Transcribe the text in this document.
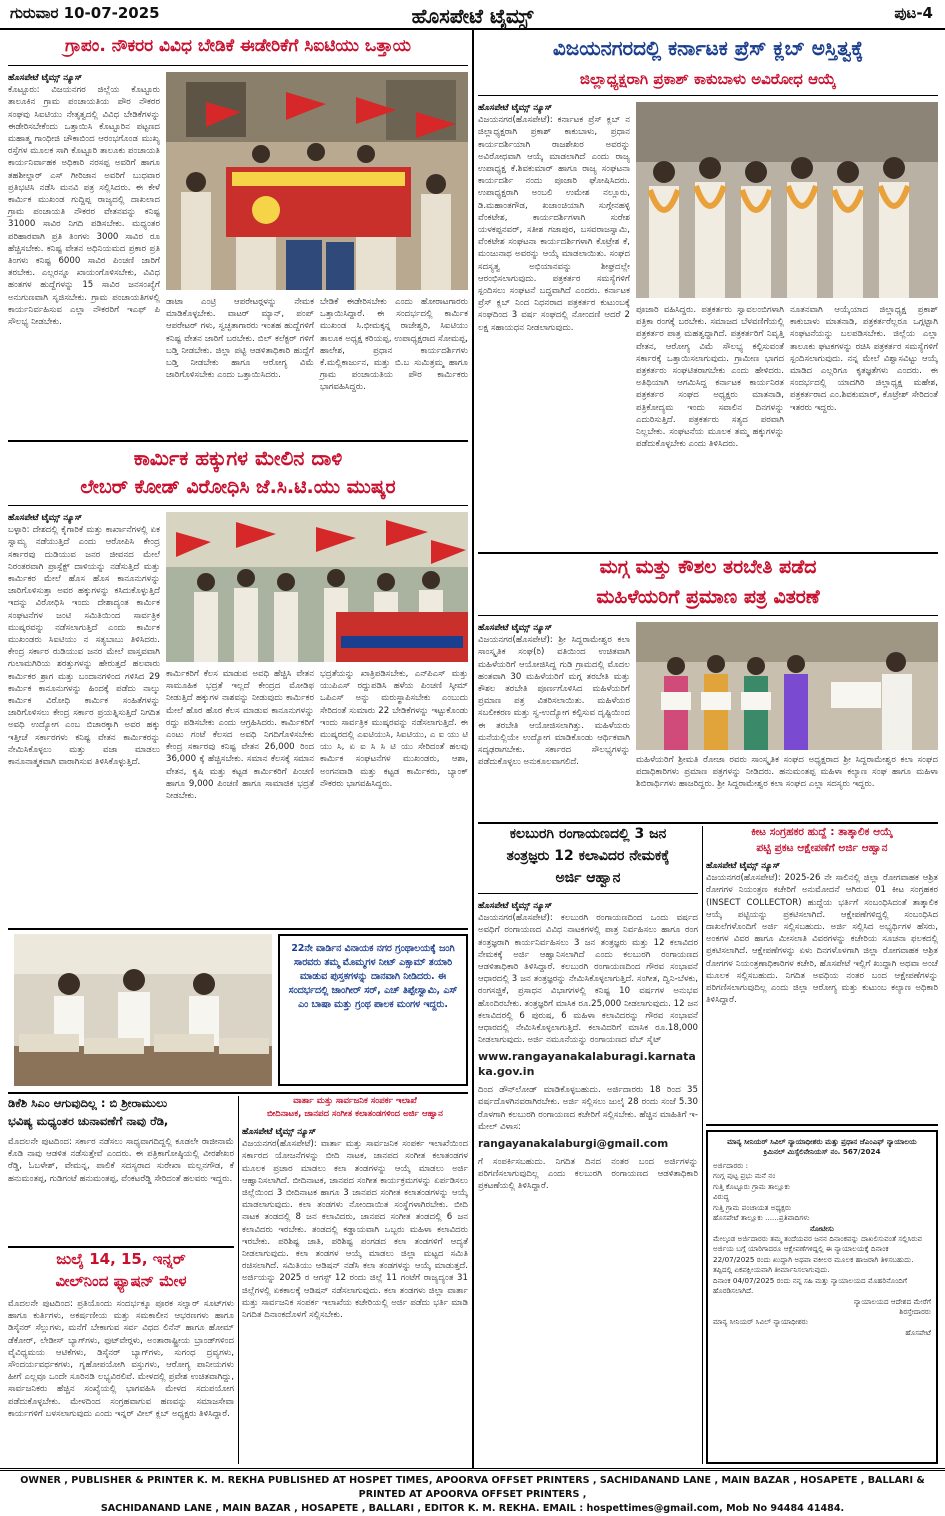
ಹೊಸಪೇಟೆ ಟೈಮ್ಸ್
ಗುರುವಾರ 10-07-2025	ಪುಟ-4
ಗ್ರಾಪಂ. ನೌಕರರ ವಿವಿಧ ಬೇಡಿಕೆ ಈಡೇರಿಕೆಗೆ ಸಿಐಟಿಯು ಒತ್ತಾಯ
ಹೊಸಪೇಟೆ ಟೈಮ್ಸ್ ನ್ಯೂಸ್
ಕೊಟ್ಟೂರು: ವಿಜಯನಗರ ಜಿಲ್ಲೆಯ ಕೊಟ್ಟೂರು ತಾಲೂಕಿನ ಗ್ರಾಮ ಪಂಚಾಯತಿಯ ಪೌರ ನೌಕರರ ಸಂಘವು ಸಿಐಟಿಯು ನೇತೃತ್ವದಲ್ಲಿ ವಿವಿಧ ಬೇಡಿಕೆಗಳನ್ನು ಈಡೇರಿಸಬೇಕೆಂದು ಒತ್ತಾಯಿಸಿ ಕೊಟ್ಟೂರಿನ ಪಟ್ಟಣದ ಮಹಾತ್ಮ ಗಾಂಧೀಜಿ ಚೌಕಾಬಿಂದ ಆರಂಭಗೊಂಡ ಮುಖ್ಯ ರಸ್ತೆಗಳ ಮೂಲಕ ಸಾಗಿ ಕೊಟ್ಟೂರಿ ತಾಲೂಕು ಪಂಚಾಯತಿ ಕಾರ್ಯನಿರ್ವಾಹಕ ಅಧಿಕಾರಿ ನರಸಪ್ಪ ಅವರಿಗೆ ಹಾಗೂ ತಹಶೀಲ್ದಾರ್ ಎಸ್ ಗೀರಿಜಾನ ಅವರಿಗೆ ಬುಧವಾರ ಪ್ರತಿಭಟಿಸಿ ನಡೆಸಿ ಮನವಿ ಪತ್ರ ಸಲ್ಲಿಸಿದರು. ಈ ಕೇಳೆ ಕಾರ್ಮಿಕ ಮುಖಂಡ ಗುದ್ದಿಪ್ಪ ರಾಜ್ಯದಲ್ಲಿ ದಾಖಲಾದ ಗ್ರಾಮ ಪಂಚಾಯತಿ ನೌಕರರ ವೇತನವನ್ನು ಕನಿಷ್ಟ 31000 ಸಾವಿರ ನಿಗದಿ ಪಡಿಸಬೇಕು. ಮಧ್ಯಂತರ ಪರಿಹಾರವಾಗಿ ಪ್ರತಿ ತಿಂಗಳು 3000 ಸಾವಿರ ರೂ ಹೆಚ್ಚಿಸಬೇಕು. ಕನಿಷ್ಟ ವೇತನ ಅಧಿನಿಯಮದ ಪ್ರಕಾರ ಪ್ರತಿ ತಿಂಗಳು ಕನಿಷ್ಟ 6000 ಸಾವಿರ ಪಿಂಚಣಿ ಜಾರಿಗೆ ತರಬೇಕು. ಎಲ್ಲರನ್ನೂ ಖಾಯಂಗೊಳಿಸಬೇಕು, ವಿವಿಧ ಹಂತಗಳ ಹುದ್ದೆಗಳನ್ನು 15 ಸಾವಿರ ಜನಸಂಖ್ಯೆಗೆ ಅನುಗುಣವಾಗಿ ಸೃಜಿಸಬೇಕು. ಗ್ರಾಮ ಪಂಚಾಯತಿಗಳಲ್ಲಿ ಕಾರ್ಯನಿರ್ವಹಿಸುವ ಎಲ್ಲಾ ನೌಕರರಿಗೆ ಇಎಫ್ ಪಿ ಸೌಲಭ್ಯ ನೀಡಬೇಕು.
ಡಾಟಾ ಎಂಟ್ರಿ ಆಪರೇಟರ್‍ಗಳನ್ನು ನೇಮಕ ಮಾಡಿಕೊಳ್ಳಬೇಕು. ವಾಟರ್ ಮ್ಯಾನ್, ಪಂಪ್ ಆಪರೇಟರ್ ಗಳು, ಸ್ವಚ್ಛತಾಗಾರರು ಇಂತಹ ಹುದ್ದೆಗಳಿಗೆ ಕನಿಷ್ಟ ವೇತನ ಜಾರಿಗೆ ಬರಬೇಕು. ಬಿಲ್ ಕಲೆಕ್ಟರ್ ಗಳಿಗೆ ಬಡ್ತಿ ನೀಡಬೇಕು. ಜಿಲ್ಲಾ ಪಟ್ಟಿ ಆಡಳಿತಾಧಿಕಾರಿ ಹುದ್ದೆಗೆ ಬಡ್ತಿ ನೀಡಬೇಕು ಹಾಗೂ ಆರೋಗ್ಯ ವಿಮೆ ಜಾರಿಗೊಳಿಸಬೇಕು ಎಂದು ಒತ್ತಾಯಿಸಿದರು.
ಬೇಡಿಕೆ ಈಡೇರಿಸಬೇಕು ಎಂದು ಹೋರಾಟಗಾರರು ಒತ್ತಾಯಿಸಿದ್ದಾರೆ. ಈ ಸಂದರ್ಭದಲ್ಲಿ ಕಾರ್ಮಿಕ ಮುಖಂಡ ಸಿ.ಭೀಮಕ್ಕನ್ನ ರಾಜೇಶ್ವರಿ, ಸಿಐಟಿಯು ತಾಲೂಕ ಅಧ್ಯಕ್ಷ ಕರಿಯಪ್ಪ, ಉಪಾಧ್ಯಕ್ಷರಾದ ಸೋಮಪ್ಪ, ಹಾಲೇಶ, ಪ್ರಧಾನ ಕಾರ್ಯದರ್ಶಿಗಳು ಕೆ.ಮಲ್ಲಿಕಾರ್ಜುನ, ಮತ್ತು ಬಿ.ಬ ಸುಮಿತ್ರಮ್ಮ ಹಾಗೂ ಗ್ರಾಮ ಪಂಚಾಯತಿಯ ಪೌರ ಕಾರ್ಮಿಕರು ಭಾಗವಹಿಸಿದ್ದರು.
ಕಾರ್ಮಿಕ ಹಕ್ಕುಗಳ ಮೇಲಿನ ದಾಳಿ
ಲೇಬರ್ ಕೋಡ್ ವಿರೋಧಿಸಿ ಜೆ.ಸಿ.ಟಿ.ಯು ಮುಷ್ಕರ
ಹೊಸಪೇಟೆ ಟೈಮ್ಸ್ ನ್ಯೂಸ್
ಬಳ್ಳಾರಿ: ದೇಶದಲ್ಲಿ ಕೈಗಾರಿಕೆ ಮತ್ತು ಕಾರ್ಖಾನೆಗಳಲ್ಲಿ ಏಕ ಸ್ವಾಮ್ಯ ನಡೆಯುತ್ತಿದೆ ಎಂದು ಆರೋಪಿಸಿ ಕೇಂದ್ರ ಸರ್ಕಾರವು ದುಡಿಯುವ ಜನರ ಜೀವನದ ಮೇಲೆ ನಿರಂತರವಾಗಿ ಪ್ರಾಸ್ಪೆಕ್ಟ್ ದಾಳಿಯನ್ನು ನಡೆಸುತ್ತಿದೆ ಮತ್ತು ಕಾರ್ಮಿಕರ ಮೇಲೆ ಹೊಸ ಹೊಸ ಕಾನೂನುಗಳನ್ನು ಜಾರಿಗೊಳಿಸುತ್ತಾ ಅವರ ಹಕ್ಕುಗಳನ್ನು ಕಸಿದುಕೊಳ್ಳುತ್ತಿದೆ ಇದನ್ನು ವಿರೋಧಿಸಿ ಇಂದು ದೇಶಾದ್ಯಂತ ಕಾರ್ಮಿಕ ಸಂಘಟನೆಗಳ ಜಂಟಿ ಸಮಿತಿಯಿಂದ ಸಾರ್ವತ್ರಿಕ ಮುಷ್ಕರವನ್ನು ನಡೆಸಲಾಗುತ್ತಿದೆ ಎಂದು ಕಾರ್ಮಿಕ ಮುಖಂಡರು ಸಿಐಟಿಯು ನ ಸತ್ಯಬಾಬು ತಿಳಿಸಿದರು. ಕೇಂದ್ರ ಸರ್ಕಾರ ರುಡಿಯುವ ಜನರ ಮೇಲೆ ವಾಸ್ತವವಾಗಿ ಗುಲಾಮಗಿರಿಯ ಶರತ್ತುಗಳನ್ನು ಹೇರುತ್ತದೆ ಹಲವಾರು ಕಾರ್ಮಿಕರ ಶ್ರಾಗ ಮತ್ತು ಬಂದಾನಗಳಿಂದ ಗಳಿಸಿದ 29 ಕಾರ್ಮಿಕ ಕಾನೂನುಗಳನ್ನು ಹಿಂದಕ್ಕೆ ಪಡೆದು ನಾಲ್ಕು ಕಾರ್ಮಿಕ ವಿರೋಧಿ ಕಾರ್ಮಿಕ ಸಂಹಿತೆಗಳನ್ನು ಜಾರಿಗೊಳಿಸಲು ಕೇಂದ್ರ ಸರ್ಕಾರ ಪ್ರಯತ್ನಿಸುತ್ತಿದೆ ನಿಗದಿತ ಅವಧಿ ಉದ್ಯೋಗ ಎಂಬ ಬಿಚಾರಕ್ಕಾಗಿ ಅವರ ಹಕ್ಕು ಇತ್ತೀಚೆ ಸರ್ಕಾರಗಳು ಕನಿಷ್ಟ ವೇತನ ಕಾರ್ಮಿಕರನ್ನು ನೇಮಿಸಿಕೊಳ್ಳಲು ಮತ್ತು ವಜಾ ಮಾಡಲು ಕಾನೂನಾತ್ಮಕವಾಗಿ ವಾರಾಗಿಸುವ ತಿಳಿಸಿಕೊಳ್ಳುತ್ತಿದೆ.
ಕಾರ್ಮಿಕರಿಗೆ ಕೆಲಸ ಮಾಡುವ ಅವಧಿ ಹೆಚ್ಚಿಸಿ ವೇತನ ಸಾಮೂಹಿಕ ಭದ್ರತೆ ಇಲ್ಲದೆ ಕೇಂದ್ರದ ಮೋಡಿಫ ನೀಡುತ್ತಿದೆ ಹಕ್ಕುಗಳ ನಾಶವನ್ನು ನೀಡುವುದು ಕಾರ್ಮಿಕರ ಮೇಲೆ ಹೊರ ಹೊರ ಕೆಲಸ ಮಾಡುವ ಕಾನೂನುಗಳನ್ನು ರದ್ದು ಪಡಿಸಬೇಕು ಎಂದು ಆಗ್ರಹಿಸಿದರು. ಕಾರ್ಮಿಕರಿಗೆ ಎಂಟು ಗಂಟೆ ಕೆಲಸದ ಅವಧಿ ನಿಗದಿಗೊಳಿಸಬೇಕು ಕೇಂದ್ರ ಸರ್ಕಾರವು ಕನಿಷ್ಟ ವೇತನ 26,000 ರಿಂದ 36,000 ಕ್ಕೆ ಹೆಚ್ಚಿಸಬೇಕು. ಸಮಾನ ಕೆಲಸಕ್ಕೆ ಸಮಾನ ವೇತನ, ಕೃಷಿ ಮತ್ತು ಕಟ್ಟಡ ಕಾರ್ಮಿಕರಿಗೆ ಪಿಂಚಣಿ ಹಾಗೂ 9,000 ಪಿಂಚಣಿ ಹಾಗೂ ಸಾಮಾಜಿಕ ಭದ್ರತೆ ನೀಡಬೇಕು.
ಭದ್ರತೆಯನ್ನು ಖಾತ್ರಿಪಡಿಸಬೇಕು, ಎನ್‍ಪಿಎಸ್ ಮತ್ತು ಯುಪಿಎಸ್ ರದ್ದುಪಡಿಸಿ ಹಳೆಯ ಪಿಂಚಣಿ ಸ್ಕೀಮ್ ಒಪಿಎಸ್ ಅನ್ನು ಮರುಸ್ಥಾಪಿಸಬೇಕು ಎಂಬುದು ಸೇರಿದಂತೆ ಸುಮಾರು 22 ಬೇಡಿಕೆಗಳನ್ನು ಇಟ್ಟುಕೊಂಡು ಇಂದು ಸಾರ್ವತ್ರಿಕ ಮುಷ್ಕರವನ್ನು ನಡೆಸಲಾಗುತ್ತಿದೆ. ಈ ಮುಷ್ಕರದಲ್ಲಿ ಎಐಟಿಯುಸಿ, ಸಿಐಟಿಯು, ಎ ಐ ಯು ಟಿ ಯು ಸಿ, ಏ ಐ ಸಿ ಸಿ ಟಿ ಯು ಸೇರಿದಂತೆ ಹಲವು ಕಾರ್ಮಿಕ ಸಂಘಟನೆಗಳ ಮುಖಂಡರು, ಆಶಾ, ಅಂಗನವಾಡಿ ಮತ್ತು ಕಟ್ಟಡ ಕಾರ್ಮಿಕರು, ಬ್ಯಾಂಕ್ ನೌಕರರು ಭಾಗವಹಿಸಿದ್ದರು.
22ನೇ ವಾರ್ಡಿನ ವಿನಾಯಕ ನಗರ ಗ್ರಂಥಾಲಯಕ್ಕೆ ಜಂಗಿ ಸಾರವರು ತಮ್ಮ ಮೊಮ್ಮಗಳ ನೀಟ್ ಎಕ್ಸಾಮ್ ತಯಾರಿ ಮಾಡುವ ಪುಸ್ತಕಗಳನ್ನು ದಾನವಾಗಿ ನೀಡಿದರು. ಈ ಸಂದರ್ಭದಲ್ಲಿ ಜಾಂಗೀರ್ ಸರ್, ಎಚ್ ತಿಪ್ಪೇಸ್ವಾಮಿ, ಎಸ್ ಎಂ ಬಾಷಾ ಮತ್ತು ಗ್ರಂಥ ಪಾಲಕ ಮಂಗಳ ಇದ್ದರು.
ಡಿಕೆಶಿ ಸಿಎಂ ಆಗುವುದಿಲ್ಲ : ಬಿ ಶ್ರೀರಾಮುಲು
ಭವಿಷ್ಯ ಮಧ್ಯಂತರ ಚುನಾವಣೆಗೆ ನಾವು ರೆಡಿ,
ಮೊದಲನೇ ಪುಟದಿಂದ: ಸರ್ಕಾರ ನಡೆಸಲು ಸಾಧ್ಯವಾಗದಿದ್ದಲ್ಲಿ ಕೂಡಲೇ ರಾಜೀನಾಮೆ ಕೊಡಿ ನಾವು ಆಡಳಿತ ನಡೆಸುತ್ತೇವೆ ಎಂದರು. ಈ ಪತ್ರಿಕಾಗೋಷ್ಠಿಯಲ್ಲಿ ವೀರಶೇಖರ ರೆಡ್ಡಿ, ಓಬಳೇಶ್, ವೇಮನ್ನ, ಪಾಲಿಕೆ ಸದಸ್ಯರಾದ ಸುರೇಖಾ ಮಲ್ಲನಗೌಡ, ಕೆ ಹನುಮಂತಪ್ಪ, ಗುಡಿಗಂಟೆ ಹನುಮಂತಪ್ಪ, ವೆಂಕಟರೆಡ್ಡಿ ಸೇರಿದಂತೆ ಹಲವರು ಇದ್ದರು.
ಜುಲೈ 14, 15, ಇನ್ನರ್
ವೀಲ್‍ನಿಂದ ಫ್ಯಾಷನ್ ಮೇಳ
ಮೊದಲನೇ ಪುಟದಿಂದ: ಪ್ರತಿಯೊಂದು ಸಂದರ್ಭಕ್ಕೂ ಪೂರಕ ಸಲ್ವಾರ್ ಸೂಟ್‍ಗಳು ಹಾಗೂ ಕುರ್ತಿಗಳು, ಅಕರ್ಷಣೀಯ ಮತ್ತು ಸಮಕಾಲೀನ ಆಭರಣಗಳು ಹಾಗೂ ಡಿಸೈನರ್ ಸೆಲ್ಲುಗಳು, ಮನೆಗೆ ಬೇಕಾಗುವ ಸರ್ವ ವಿಧದ ಲಿನೆನ್ ಹಾಗೂ ಹೋಮ್ ಡೆಕೋರ್, ಲೇಡೀಸ್ ಬ್ಯಾಗ್‍ಗಳು, ಫುಟ್‍ವೇರ್‍ಗಳು, ಅಂತಾರಾಷ್ಟ್ರೀಯ ಬ್ರಾಂಡ್‍ಗಳಿಂದ ವೈವಿಧ್ಯಮಯ ಆಟಿಕೆಗಳು, ಡಿಸೈನರ್ ಬ್ಯಾಗ್‍ಗಳು, ಸುಗಂಧ ದ್ರವ್ಯಗಳು, ಸೌಂದರ್ಯವರ್ಧಕಗಳು, ಗೃಹೋಪಯೋಗಿ ವಸ್ತುಗಳು, ಆರೋಗ್ಯ ಪಾನೀಯಗಳು ಹೀಗೆ ಎಲ್ಲವೂ ಒಂದೇ ಸೂರಿನಡಿ ಲಭ್ಯವಿರಲಿವೆ. ಮೇಳದಲ್ಲಿ ಪ್ರವೇಶ ಉಚಿತವಾಗಿದ್ದು, ಸಾರ್ವಜನಿಕರು ಹೆಚ್ಚಿನ ಸಂಖ್ಯೆಯಲ್ಲಿ ಭಾಗವಹಿಸಿ ಮೇಳದ ಸದುಪಯೋಗ ಪಡೆದುಕೊಳ್ಳಬೇಕು. ಮೇಳದಿಂದ ಸಂಗ್ರಹವಾಗುವ ಹಣವನ್ನು ಸಮಾಜಸೇವಾ ಕಾರ್ಯಗಳಿಗೆ ಬಳಸಲಾಗುವುದು ಎಂದು ಇನ್ನರ್ ವೀಲ್ ಕ್ಲಬ್ ಅಧ್ಯಕ್ಷರು ತಿಳಿಸಿದ್ದಾರೆ.
ವಾರ್ತಾ ಮತ್ತು ಸಾರ್ವಜನಿಕ ಸಂಪರ್ಕ ಇಲಾಖೆ
ಬೀದಿನಾಟಕ, ಜಾನಪದ ಸಂಗೀತ ಕಲಾತಂಡಗಳಿಂದ ಅರ್ಜಿ ಆಹ್ವಾನ
ಹೊಸಪೇಟೆ ಟೈಮ್ಸ್ ನ್ಯೂಸ್
ವಿಜಯನಗರ(ಹೊಸಪೇಟೆ): ವಾರ್ತಾ ಮತ್ತು ಸಾರ್ವಜನಿಕ ಸಂಪರ್ಕ ಇಲಾಖೆಯಿಂದ ಸರ್ಕಾರದ ಯೋಜನೆಗಳನ್ನು ಬೀದಿ ನಾಟಕ, ಜಾನಪದ ಸಂಗೀತ ಕಲಾತಂಡಗಳ ಮೂಲಕ ಪ್ರಚಾರ ಮಾಡಲು ಕಲಾ ತಂಡಗಳನ್ನು ಆಯ್ಕೆ ಮಾಡಲು ಅರ್ಜಿ ಆಹ್ವಾನಿಸಲಾಗಿದೆ. ಬೀದಿನಾಟಕ, ಜಾನಪದ ಸಂಗೀತ ಕಾರ್ಯಕ್ರಮಗಳನ್ನು ಏರ್ಪಡಿಸಲು ಜಿಲ್ಲೆಯಿಂದ 3 ಬೀದಿನಾಟಕ ಹಾಗೂ 3 ಜಾನಪದ ಸಂಗೀತ ಕಲಾತಂಡಗಳನ್ನು ಆಯ್ಕೆ ಮಾಡಲಾಗುವುದು. ಕಲಾ ತಂಡಗಳು ನೋಂದಾಯಿತ ಸಂಸ್ಥೆಗಳಾಗಿರಬೇಕು. ಬೀದಿ ನಾಟಕ ತಂಡದಲ್ಲಿ 8 ಜನ ಕಲಾವಿದರು, ಜಾನಪದ ಸಂಗೀತ ತಂಡದಲ್ಲಿ 6 ಜನ ಕಲಾವಿದರು ಇರಬೇಕು. ತಂಡದಲ್ಲಿ ಕಡ್ಡಾಯವಾಗಿ ಒಬ್ಬರು ಮಹಿಳಾ ಕಲಾವಿದರು ಇರಬೇಕು. ಪರಿಶಿಷ್ಟ ಜಾತಿ, ಪರಿಶಿಷ್ಟ ಪಂಗಡದ ಕಲಾ ತಂಡಗಳಿಗೆ ಆದ್ಯತೆ ನೀಡಲಾಗುವುದು. ಕಲಾ ತಂಡಗಳ ಆಯ್ಕೆ ಮಾಡಲು ಜಿಲ್ಲಾ ಮಟ್ಟದ ಸಮಿತಿ ರಚಿಸಲಾಗಿದೆ. ಸಮಿತಿಯು ಆಡಿಷನ್ ನಡೆಸಿ ಕಲಾ ತಂಡಗಳನ್ನು ಆಯ್ಕೆ ಮಾಡುತ್ತದೆ. ಅರ್ಜಿಯನ್ನು 2025 ರ ಆಗಸ್ಟ್ 12 ರಂದು ಜಿಲ್ಲೆ 11 ಗಂಟೆಗೆ ರಾಜ್ಯದ್ಯಂತ 31 ಜಿಲ್ಲೆಗಳಲ್ಲಿ ಏಕಕಾಲಕ್ಕೆ ಆಡಿಷನ್ ನಡೆಸಲಾಗುವುದು. ಕಲಾ ತಂಡಗಳು ಜಿಲ್ಲಾ ವಾರ್ತಾ ಮತ್ತು ಸಾರ್ವಜನಿಕ ಸಂಪರ್ಕ ಇಲಾಖೆಯ ಕಚೇರಿಯಲ್ಲಿ ಅರ್ಜಿ ಪಡೆದು ಭರ್ತಿ ಮಾಡಿ ನಿಗದಿತ ದಿನಾಂಕದೊಳಗೆ ಸಲ್ಲಿಸಬೇಕು.
ವಿಜಯನಗರದಲ್ಲಿ ಕರ್ನಾಟಕ ಪ್ರೆಸ್ ಕ್ಲಬ್ ಅಸ್ತಿತ್ವಕ್ಕೆ
ಜಿಲ್ಲಾಧ್ಯಕ್ಷರಾಗಿ ಪ್ರಕಾಶ್ ಕಾಕುಬಾಳು ಅವಿರೋಧ ಆಯ್ಕೆ
ಹೊಸಪೇಟೆ ಟೈಮ್ಸ್ ನ್ಯೂಸ್
ವಿಜಯನಗರ(ಹೊಸಪೇಟೆ): ಕರ್ನಾಟಕ ಪ್ರೆಸ್ ಕ್ಲಬ್ ನ ಜಿಲ್ಲಾಧ್ಯಕ್ಷರಾಗಿ ಪ್ರಕಾಶ್ ಕಾಕುಬಾಳು, ಪ್ರಧಾನ ಕಾರ್ಯದರ್ಶಿಯಾಗಿ ರಾಜಶೇಖರ ಅವರನ್ನು ಅವಿರೋಧವಾಗಿ ಆಯ್ಕೆ ಮಾಡಲಾಗಿದೆ ಎಂದು ರಾಜ್ಯ ಉಪಾಧ್ಯಕ್ಷ ಕೆ.ಶಿವಕುಮಾರ್ ಹಾಗೂ ರಾಜ್ಯ ಸಂಘಟನಾ ಕಾರ್ಯದರ್ಶಿ ನಂದು ಪೂಜಾರಿ ಘೋಷಿಸಿದರು. ಉಪಾಧ್ಯಕ್ಷರಾಗಿ ಅಂಬಲಿ ಉಮೇಶ ನಲ್ಲೂರು, ಡಿ.ಮಹಾಂತಗೌಡ, ಖಜಾಂಚಿಯಾಗಿ ಸುಗ್ಗೇನಹಳ್ಳಿ ವೆಂಕಟೇಶ, ಕಾರ್ಯದರ್ಶಿಗಳಾಗಿ ಸುರೇಶ ಯಳಕಪ್ಪನವರ್, ಸತೀಶ ಗಜಾಪುರ, ಬಸವರಾಜಸ್ವಾಮಿ, ವೆಂಕಟೇಶ ಸಂಘಟನಾ ಕಾರ್ಯದರ್ಶಿಗಳಾಗಿ ಕೊಟ್ರೇಶ ಕೆ, ಮಂಜುನಾಥ ಅವರನ್ನು ಆಯ್ಕೆ ಮಾಡಲಾಯಿತು. ಸಂಘದ ಸದಸ್ಯತ್ವ ಅಭಿಯಾನವನ್ನು ಶೀಘ್ರದಲ್ಲೇ ಆರಂಭಿಸಲಾಗುವುದು. ಪತ್ರಕರ್ತರ ಸಮಸ್ಯೆಗಳಿಗೆ ಸ್ಪಂದಿಸಲು ಸಂಘಟನೆ ಬದ್ಧವಾಗಿದೆ ಎಂದರು. ಕರ್ನಾಟಕ ಪ್ರೆಸ್ ಕ್ಲಬ್ ನಿಂದ ನಿಧನರಾದ ಪತ್ರಕರ್ತರ ಕುಟುಂಬಕ್ಕೆ ಸಂಘದಿಂದ 3 ವರ್ಷ ಸಂಘದಲ್ಲಿ ನೋಂದಣಿ ಆದರೆ 2 ಲಕ್ಷ ಸಹಾಯಧನ ನೀಡಲಾಗುವುದು.
ಪೂಜಾರಿ ವಹಿಸಿದ್ದರು. ಪತ್ರಕರ್ತರು ಸ್ವಾವಲಂಬಿಗಳಾಗಿ ಪತ್ರಿಕಾ ರಂಗಕ್ಕೆ ಬರಬೇಕು. ಸಮಾಜದ ಬೆಳವಣಿಗೆಯಲ್ಲಿ ಪತ್ರಕರ್ತರ ಪಾತ್ರ ಮಹತ್ವದ್ದಾಗಿದೆ. ಪತ್ರಕರ್ತರಿಗೆ ನಿವೃತ್ತಿ ವೇತನ, ಆರೋಗ್ಯ ವಿಮೆ ಸೌಲಭ್ಯ ಕಲ್ಪಿಸುವಂತೆ ಸರ್ಕಾರಕ್ಕೆ ಒತ್ತಾಯಿಸಲಾಗುವುದು. ಗ್ರಾಮೀಣ ಭಾಗದ ಪತ್ರಕರ್ತರು ಸಂಘಟಿತರಾಗಬೇಕು ಎಂದು ಹೇಳಿದರು. ಅತಿಥಿಯಾಗಿ ಆಗಮಿಸಿದ್ದ ಕರ್ನಾಟಕ ಕಾರ್ಯನಿರತ ಪತ್ರಕರ್ತರ ಸಂಘದ ಅಧ್ಯಕ್ಷರು ಮಾತನಾಡಿ, ಪತ್ರಿಕೋದ್ಯಮ ಇಂದು ಸವಾಲಿನ ದಿನಗಳನ್ನು ಎದುರಿಸುತ್ತಿದೆ. ಪತ್ರಕರ್ತರು ಸತ್ಯದ ಪರವಾಗಿ ನಿಲ್ಲಬೇಕು. ಸಂಘಟನೆಯ ಮೂಲಕ ತಮ್ಮ ಹಕ್ಕುಗಳನ್ನು ಪಡೆದುಕೊಳ್ಳಬೇಕು ಎಂದು ತಿಳಿಸಿದರು.
ನೂತನವಾಗಿ ಆಯ್ಕೆಯಾದ ಜಿಲ್ಲಾಧ್ಯಕ್ಷ ಪ್ರಕಾಶ್ ಕಾಕುಬಾಳು ಮಾತನಾಡಿ, ಪತ್ರಕರ್ತರೆಲ್ಲರೂ ಒಗ್ಗಟ್ಟಾಗಿ ಸಂಘಟನೆಯನ್ನು ಬಲಪಡಿಸಬೇಕು. ಜಿಲ್ಲೆಯ ಎಲ್ಲಾ ತಾಲೂಕು ಘಟಕಗಳನ್ನು ರಚಿಸಿ ಪತ್ರಕರ್ತರ ಸಮಸ್ಯೆಗಳಿಗೆ ಸ್ಪಂದಿಸಲಾಗುವುದು. ನನ್ನ ಮೇಲೆ ವಿಶ್ವಾಸವಿಟ್ಟು ಆಯ್ಕೆ ಮಾಡಿದ ಎಲ್ಲರಿಗೂ ಕೃತಜ್ಞತೆಗಳು ಎಂದರು. ಈ ಸಂದರ್ಭದಲ್ಲಿ ಯಾದಗಿರಿ ಜಿಲ್ಲಾಧ್ಯಕ್ಷ ಮಹೇಶ, ಪತ್ರಕರ್ತರಾದ ಎಂ.ಶಿವಕುಮಾರ್, ಕೊಟ್ರೇಶ್ ಸೇರಿದಂತೆ ಇತರರು ಇದ್ದರು.
ಮಗ್ಗ ಮತ್ತು ಕೌಶಲ ತರಬೇತಿ ಪಡೆದ
ಮಹಿಳೆಯರಿಗೆ ಪ್ರಮಾಣ ಪತ್ರ ವಿತರಣೆ
ಹೊಸಪೇಟೆ ಟೈಮ್ಸ್ ನ್ಯೂಸ್
ವಿಜಯನಗರ(ಹೊಸಪೇಟೆ): ಶ್ರೀ ಸಿದ್ದರಾಮೇಶ್ವರ ಕಲಾ ಸಾಂಸ್ಕೃತಿಕ ಸಂಘ(ರಿ) ವತಿಯಿಂದ ಉಚಿತವಾಗಿ ಮಹಿಳೆಯರಿಗೆ ಆಯೋಜಿಸಿದ್ದ ಗುಡಿ ಗ್ರಾಮದಲ್ಲಿ ಮೊದಲ ಹಂತವಾಗಿ 30 ಮಹಿಳೆಯರಿಗೆ ಮಗ್ಗ ತರಬೇತಿ ಮತ್ತು ಕೌಶಲ ತರಬೇತಿ ಪೂರ್ಣಗೊಳಿಸಿದ ಮಹಿಳೆಯರಿಗೆ ಪ್ರಮಾಣ ಪತ್ರ ವಿತರಿಸಲಾಯಿತು. ಮಹಿಳೆಯರ ಸಬಲೀಕರಣ ಮತ್ತು ಸ್ವ-ಉದ್ಯೋಗ ಕಲ್ಪಿಸುವ ದೃಷ್ಟಿಯಿಂದ ಈ ತರಬೇತಿ ಆಯೋಜಿಸಲಾಗಿತ್ತು. ಮಹಿಳೆಯರು ಮನೆಯಲ್ಲಿಯೇ ಉದ್ಯೋಗ ಮಾಡಿಕೊಂಡು ಆರ್ಥಿಕವಾಗಿ ಸದೃಢರಾಗಬೇಕು. ಸರ್ಕಾರದ ಸೌಲಭ್ಯಗಳನ್ನು ಪಡೆದುಕೊಳ್ಳಲು ಅನುಕೂಲವಾಗಲಿದೆ.	ಮಹಿಳೆಯರಿಗೆ ಶ್ರೀಮತಿ ರೋಜಾ ರವರು ಸಾಂಸ್ಕೃತಿಕ ಸಂಘದ ಅಧ್ಯಕ್ಷರಾದ ಶ್ರೀ ಸಿದ್ದರಾಮೇಶ್ವರ ಕಲಾ ಸಂಘದ ಪದಾಧಿಕಾರಿಗಳು ಪ್ರಮಾಣ ಪತ್ರಗಳನ್ನು ನೀಡಿದರು. ಹನುಮಂತಪ್ಪ ಮಹಿಳಾ ಕಲ್ಯಾಣ ಸಂಘ ಹಾಗೂ ಮಹಿಳಾ ಶಿಬಿರಾರ್ಥಿಗಳು ಹಾಜರಿದ್ದರು. ಶ್ರೀ ಸಿದ್ದರಾಮೇಶ್ವರ ಕಲಾ ಸಂಘದ ಎಲ್ಲಾ ಸದಸ್ಯರು ಇದ್ದರು.
ಕಲಬುರಗಿ ರಂಗಾಯಣದಲ್ಲಿ 3 ಜನ
ತಂತ್ರಜ್ಞರು 12 ಕಲಾವಿದರ ನೇಮಕಕ್ಕೆ
ಅರ್ಜಿ ಆಹ್ವಾನ
ಹೊಸಪೇಟೆ ಟೈಮ್ಸ್ ನ್ಯೂಸ್
ವಿಜಯನಗರ(ಹೊಸಪೇಟೆ): ಕಲಬುರಗಿ ರಂಗಾಯಣದಿಂದ ಒಂದು ವರ್ಷದ ಅವಧಿಗೆ ರಂಗಾಯಣದ ವಿವಿಧ ನಾಟಕಗಳಲ್ಲಿ ಪಾತ್ರ ನಿರ್ವಹಿಸಲು ಹಾಗೂ ರಂಗ ತಂತ್ರಜ್ಞರಾಗಿ ಕಾರ್ಯನಿರ್ವಹಿಸಲು 3 ಜನ ತಂತ್ರಜ್ಞರು ಮತ್ತು 12 ಕಲಾವಿದರ ನೇಮಕಕ್ಕೆ ಅರ್ಜಿ ಆಹ್ವಾನಿಸಲಾಗಿದೆ ಎಂದು ಕಲಬುರಗಿ ರಂಗಾಯಣದ ಆಡಳಿತಾಧಿಕಾರಿ ತಿಳಿಸಿದ್ದಾರೆ. ಕಲಬುರಗಿ ರಂಗಾಯಣದಿಂದ ಗೌರವ ಸಂಭಾವನೆ ಆಧಾರದಲ್ಲಿ 3 ಜನ ತಂತ್ರಜ್ಞರನ್ನು ನೇಮಿಸಿಕೊಳ್ಳಲಾಗುತ್ತಿದೆ. ಸಂಗೀತ, ದ್ವಿನಿ-ಬೆಳಕು, ರಂಗಸಜ್ಜಿಕೆ, ಪ್ರಸಾಧನ ವಿಭಾಗಗಳಲ್ಲಿ ಕನಿಷ್ಟ 10 ವರ್ಷಗಳ ಅನುಭವ ಹೊಂದಿರಬೇಕು. ತಂತ್ರಜ್ಞರಿಗೆ ಮಾಸಿಕ ರೂ.25,000 ನೀಡಲಾಗುವುದು. 12 ಜನ ಕಲಾವಿದರಲ್ಲಿ 6 ಪುರುಷ, 6 ಮಹಿಳಾ ಕಲಾವಿದರನ್ನು ಗೌರವ ಸಂಭಾವನೆ ಆಧಾರದಲ್ಲಿ ನೇಮಿಸಿಕೊಳ್ಳಲಾಗುತ್ತಿದೆ. ಕಲಾವಿದರಿಗೆ ಮಾಸಿಕ ರೂ.18,000 ನೀಡಲಾಗುವುದು. ಅರ್ಜಿ ನಮೂನೆಯನ್ನು ರಂಗಾಯಣದ ವೆಬ್ ಸೈಟ್
www.rangayanakalaburagi.karnataka.gov.in
ದಿಂದ ಡೌನ್‍ಲೋಡ್ ಮಾಡಿಕೊಳ್ಳಬಹುದು. ಅರ್ಜಿದಾರರು 18 ರಿಂದ 35 ವರ್ಷದೊಳಗಿನವರಾಗಿರಬೇಕು. ಅರ್ಜಿ ಸಲ್ಲಿಸಲು ಜುಲೈ 28 ರಂದು ಸಂಜೆ 5.30 ರೊಳಗಾಗಿ ಕಲಬುರಗಿ ರಂಗಾಯಣದ ಕಚೇರಿಗೆ ಸಲ್ಲಿಸಬೇಕು. ಹೆಚ್ಚಿನ ಮಾಹಿತಿಗೆ ಇ-ಮೇಲ್ ವಿಳಾಸ:
rangayanakalaburgi@gmail.com
ಗೆ ಸಂಪರ್ಕಿಸಬಹುದು. ನಿಗದಿತ ದಿನದ ನಂತರ ಬಂದ ಅರ್ಜಿಗಳನ್ನು ಪರಿಗಣಿಸಲಾಗುವುದಿಲ್ಲ ಎಂದು ಕಲಬುರಗಿ ರಂಗಾಯಣದ ಆಡಳಿತಾಧಿಕಾರಿ ಪ್ರಕಟಣೆಯಲ್ಲಿ ತಿಳಿಸಿದ್ದಾರೆ.
ಕೀಟ ಸಂಗ್ರಹಕರ ಹುದ್ದೆ : ತಾತ್ಕಾಲಿಕ ಆಯ್ಕೆ
ಪಟ್ಟಿ ಪ್ರಕಟ ಆಕ್ಷೇಪಣೆಗೆ ಅರ್ಜಿ ಆಹ್ವಾನ
ಹೊಸಪೇಟೆ ಟೈಮ್ಸ್ ನ್ಯೂಸ್
ವಿಜಯನಗರ(ಹೊಸಪೇಟೆ): 2025-26 ನೇ ಸಾಲಿನಲ್ಲಿ ಜಿಲ್ಲಾ ರೋಗವಾಹಕ ಆಶ್ರಿತ ರೋಗಗಳ ನಿಯಂತ್ರಣ ಕಚೇರಿಗೆ ಅನುಮೋದನೆ ಆಗಿರುವ 01 ಕೀಟ ಸಂಗ್ರಹಕರ (INSECT COLLECTOR) ಹುದ್ದೆಯ ಭರ್ತಿಗೆ ಸಂಬಂಧಿಸಿದಂತೆ ತಾತ್ಕಾಲಿಕ ಆಯ್ಕೆ ಪಟ್ಟಿಯನ್ನು ಪ್ರಕಟಿಸಲಾಗಿದೆ. ಆಕ್ಷೇಪಣೆಗಳಿದ್ದಲ್ಲಿ ಸಂಬಂಧಿಸಿದ ದಾಖಲೆಗಳೊಂದಿಗೆ ಅರ್ಜಿ ಸಲ್ಲಿಸಬಹುದು. ಅರ್ಜಿ ಸಲ್ಲಿಸಿದ ಅಭ್ಯರ್ಥಿಗಳ ಹೆಸರು, ಅಂಕಗಳ ವಿವರ ಹಾಗೂ ಮೀಸಲಾತಿ ವಿವರಗಳನ್ನು ಕಚೇರಿಯ ಸೂಚನಾ ಫಲಕದಲ್ಲಿ ಪ್ರಕಟಿಸಲಾಗಿದೆ. ಆಕ್ಷೇಪಣೆಗಳನ್ನು ಏಳು ದಿನಗಳೊಳಗಾಗಿ ಜಿಲ್ಲಾ ರೋಗವಾಹಕ ಆಶ್ರಿತ ರೋಗಗಳ ನಿಯಂತ್ರಣಾಧಿಕಾರಿಗಳ ಕಚೇರಿ, ಹೊಸಪೇಟೆ ಇಲ್ಲಿಗೆ ಖುದ್ದಾಗಿ ಅಥವಾ ಅಂಚೆ ಮೂಲಕ ಸಲ್ಲಿಸಬಹುದು. ನಿಗದಿತ ಅವಧಿಯ ನಂತರ ಬಂದ ಆಕ್ಷೇಪಣೆಗಳನ್ನು ಪರಿಗಣಿಸಲಾಗುವುದಿಲ್ಲ ಎಂದು ಜಿಲ್ಲಾ ಆರೋಗ್ಯ ಮತ್ತು ಕುಟುಂಬ ಕಲ್ಯಾಣ ಅಧಿಕಾರಿ ತಿಳಿಸಿದ್ದಾರೆ.
ಮಾನ್ಯ ಸೀನಿಯರ್ ಸಿವಿಲ್ ನ್ಯಾಯಾಧೀಶರು ಮತ್ತು ಪ್ರಧಾನ ಜೆಎಂಎಫ್ ನ್ಯಾಯಾಲಯ
ಕ್ರಿಮಿನಲ್ ಮಿಸ್ಸೆಲಿನೇನಿಯಸ್ ನಂ. 567/2024
ಅರ್ಜಿದಾರರು :
ಗಂಗ್ಲ ಪುಟ್ಟ ಪ್ರಭು ಮನೆ ನಂ
ಗುತ್ತಿ ಕೊಟ್ಟೂರು ಗ್ರಾಮ ತಾಲ್ಲೂಕು
ವಿರುದ್ಧ
ಗುತ್ತಿ ಗ್ರಾಮ ಪಂಚಾಯತ ಅಧ್ಯಕ್ಷರು
ಹೊಸಪೇಟೆ ತಾಲ್ಲೂಕು ......ಪ್ರತಿವಾದಿಗಳು
ನೋಟೀಸು
ಮೇಲ್ಕಂಡ ಅರ್ಜಿದಾರರು ತಮ್ಮ ತಂದೆಯವರ ಜನನ ದಿನಾಂಕವನ್ನು ದಾಖಲಿಸುವಂತೆ ಸಲ್ಲಿಸಿರುವ ಅರ್ಜಿಯ ಬಗ್ಗೆ ಯಾರಿಗಾದರೂ ಆಕ್ಷೇಪಣೆಗಳಿದ್ದಲ್ಲಿ ಈ ನ್ಯಾಯಾಲಯಕ್ಕೆ ದಿನಾಂಕ 22/07/2025 ರಂದು ಖುದ್ದಾಗಿ ಅಥವಾ ವಕೀಲರ ಮೂಲಕ ಹಾಜರಾಗಿ ತಿಳಿಸಬಹುದು. ತಪ್ಪಿದಲ್ಲಿ ಏಕಪಕ್ಷೀಯವಾಗಿ ತೀರ್ಮಾನಿಸಲಾಗುವುದು.
ದಿನಾಂಕ 04/07/2025 ರಂದು ನನ್ನ ಸಹಿ ಮತ್ತು ನ್ಯಾಯಾಲಯದ ಮೊಹರಿನೊಂದಿಗೆ ಹೊರಡಿಸಲಾಗಿದೆ.
ನ್ಯಾಯಾಲಯದ ಆದೇಶದ ಮೇರೆಗೆ
ಶಿರಸ್ತೇದಾರರು
ಮಾನ್ಯ ಸೀನಿಯರ್ ಸಿವಿಲ್ ನ್ಯಾಯಾಧೀಶರು
ಹೊಸಪೇಟೆ
OWNER , PUBLISHER & PRINTER K. M. REKHA PUBLISHED AT HOSPET TIMES, APOORVA OFFSET PRINTERS , SACHIDANAND LANE , MAIN BAZAR , HOSAPETE , BALLARI & PRINTED AT APOORVA OFFSET PRINTERS ,
SACHIDANAND LANE , MAIN BAZAR , HOSAPETE , BALLARI , EDITOR K. M. REKHA. EMAIL : hospettimes@gmail.com, Mob No 94484 41484.
